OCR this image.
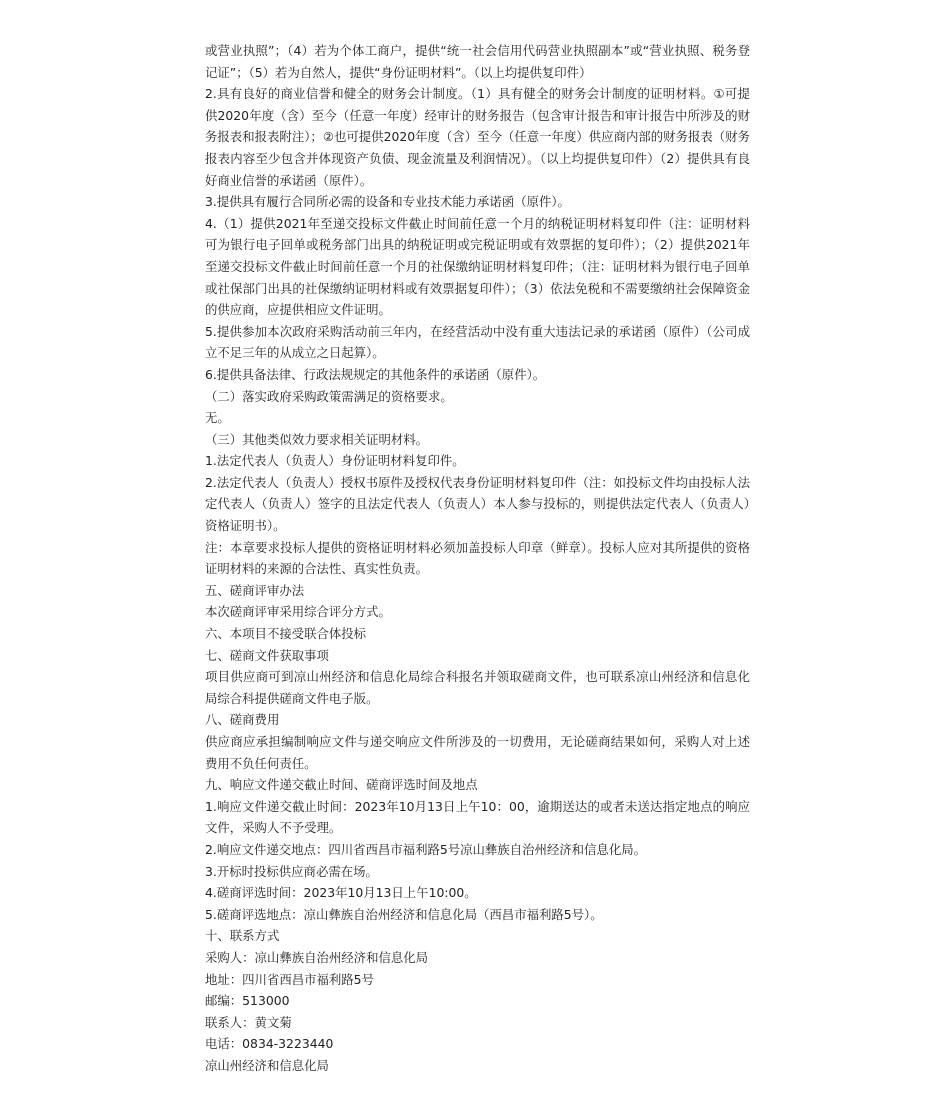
或营业执照”；（4）若为个体工商户，提供“统一社会信用代码营业执照副本”或“营业执照、税务登记证”；（5）若为自然人，提供“身份证明材料”。（以上均提供复印件）

2.具有良好的商业信誉和健全的财务会计制度。（1）具有健全的财务会计制度的证明材料。①可提供2020年度（含）至今（任意一年度）经审计的财务报告（包含审计报告和审计报告中所涉及的财务报表和报表附注）；②也可提供2020年度（含）至今（任意一年度）供应商内部的财务报表（财务报表内容至少包含并体现资产负债、现金流量及利润情况）。（以上均提供复印件）（2）提供具有良好商业信誉的承诺函（原件）。

3.提供具有履行合同所必需的设备和专业技术能力承诺函（原件）。

4.（1）提供2021年至递交投标文件截止时间前任意一个月的纳税证明材料复印件（注：证明材料可为银行电子回单或税务部门出具的纳税证明或完税证明或有效票据的复印件）；（2）提供2021年至递交投标文件截止时间前任意一个月的社保缴纳证明材料复印件；（注：证明材料为银行电子回单或社保部门出具的社保缴纳证明材料或有效票据复印件）；（3）依法免税和不需要缴纳社会保障资金的供应商，应提供相应文件证明。

5.提供参加本次政府采购活动前三年内，在经营活动中没有重大违法记录的承诺函（原件）（公司成立不足三年的从成立之日起算）。

6.提供具备法律、行政法规规定的其他条件的承诺函（原件）。

（二）落实政府采购政策需满足的资格要求。

无。

（三）其他类似效力要求相关证明材料。

1.法定代表人（负责人）身份证明材料复印件。

2.法定代表人（负责人）授权书原件及授权代表身份证明材料复印件（注：如投标文件均由投标人法定代表人（负责人）签字的且法定代表人（负责人）本人参与投标的，则提供法定代表人（负责人）资格证明书）。

注：本章要求投标人提供的资格证明材料必须加盖投标人印章（鲜章）。投标人应对其所提供的资格证明材料的来源的合法性、真实性负责。

五、磋商评审办法

本次磋商评审采用综合评分方式。

六、本项目不接受联合体投标

七、磋商文件获取事项

项目供应商可到凉山州经济和信息化局综合科报名并领取磋商文件，也可联系凉山州经济和信息化局综合科提供磋商文件电子版。

八、磋商费用

供应商应承担编制响应文件与递交响应文件所涉及的一切费用，无论磋商结果如何，采购人对上述费用不负任何责任。

九、响应文件递交截止时间、磋商评选时间及地点

1.响应文件递交截止时间：2023年10月13日上午10：00，逾期送达的或者未送达指定地点的响应文件，采购人不予受理。

2.响应文件递交地点：四川省西昌市福利路5号凉山彝族自治州经济和信息化局。

3.开标时投标供应商必需在场。

4.磋商评选时间：2023年10月13日上午10:00。

5.磋商评选地点：凉山彝族自治州经济和信息化局（西昌市福利路5号）。

十、联系方式

采购人：凉山彝族自治州经济和信息化局

地址：四川省西昌市福利路5号

邮编：513000

联系人：黄文菊

电话：0834-3223440

凉山州经济和信息化局
